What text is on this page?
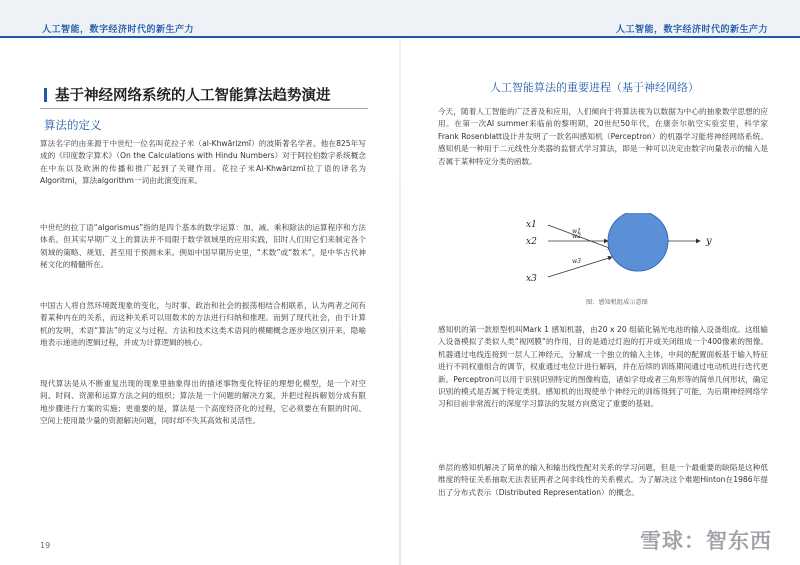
人工智能，数字经济时代的新生产力	人工智能，数字经济时代的新生产力
基于神经网络系统的人工智能算法趋势演进
算法的定义
算法名字的由来源于中世纪一位名叫花拉子米（al-Khwārizmī）的波斯著名学者。他在825年写成的《印度数字算术》（On the Calculations with Hindu Numbers）对于阿拉伯数字系统概念在中东以及欧洲的传播和推广起到了关键作用。花拉子米Al-Khwārizmī拉丁语的译名为Algoritmi，算法algorithm一词由此演变而来。
中世纪的拉丁语“algorismus”指的是四个基本的数学运算：加、减、乘和除法的运算程序和方法体系。但其实早期广义上的算法并不局限于数学领域里的应用实践，旧时人们用它们来制定各个领域的策略、规划、甚至用于预测未来。例如中国早期历史里，“术数”或“数术”，是中华古代神秘文化的精髓所在。
中国古人将自然环境既现象的变化，与时事、政治和社会的振荡相结合相联系，认为两者之间有着某种内在的关系，而这种关系可以用数术的方法进行归纳和推理。而到了现代社会，由于计算机的发明，术语“算法”的定义与过程、方法和技术这类术语间的模糊概念逐步地区别开来，隐喻地表示递进的逻辑过程，并成为计算逻辑的核心。
现代算法是从不断重复出现的现象里抽象得出的描述事物变化特征的理想化模型，是一个对空间、时间、资源和运算方法之间的组织；算法是一个问题的解决方案，并把过程拆解划分成有限地步骤进行方案的实施；更重要的是，算法是一个高度经济化的过程，它必须要在有限的时间、空间上使用最少量的资源解决问题，同时却不失其高效和灵活性。
19
人工智能算法的重要进程（基于神经网络）
今天，随着人工智能的广泛普及和应用，人们倾向于将算法视为以数据为中心的抽象数学思想的应用。在第一次AI summer来临前的黎明期，20世纪50年代，在康奈尔航空实验室里，科学家Frank Rosenblatt设计并发明了一款名叫感知机（Perceptron）的机器学习能将神经网络系统。感知机是一种用于二元线性分类器的监督式学习算法，即是一种可以决定由数字向量表示的输入是否属于某种特定分类的函数。
x1
x2
x3
w1
w2
w3
y
图：感知机组成示意图
感知机的第一款原型机叫Mark 1 感知机器，由20 x 20 组硫化镉光电池的输入设备组成。这组输入设备模拟了类似人类“视网膜”的作用，目的是通过灯泡的打开或关闭组成一个400像素的图像。机器通过电线连接到一层人工神经元，分解成一个独立的输入主体，中间的配置面板基于输入特征进行不同权重组合的调节，权重通过电位计进行解码，并在后续的训练期间通过电动机进行迭代更新。Perceptron可以用于识别识别特定的图像构造，诸如字母或者三角形等的简单几何形状，确定识别的模式是否属于特定类别。感知机的出现使单个神经元的训练得到了可能，为后期神经网络学习和目前非常流行的深度学习算法的发展方向奠定了重要的基础。
单层的感知机解决了简单的输入和输出线性配对关系的学习问题，但是一个最重要的缺陷是这种低维度的特征关系抽取无法表征两者之间非线性的关系模式。为了解决这个难题Hinton在1986年提出了分布式表示（Distributed Representation）的概念。
雪球：智东西
